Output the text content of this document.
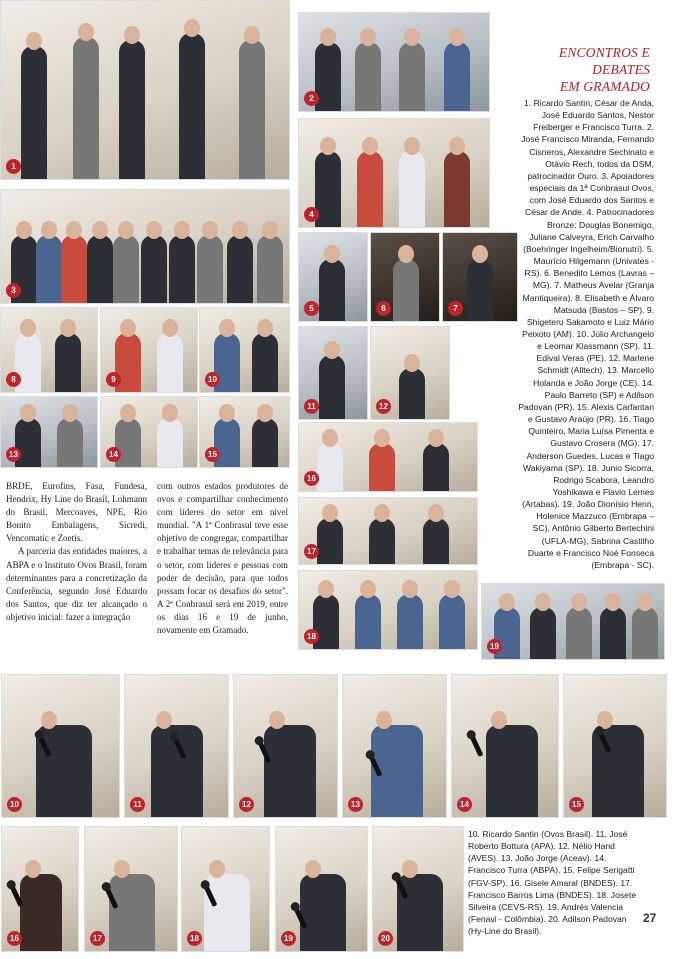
1
2
3
4
5	6	7
8	9	10
11	12
13	14	15
16
17
18
19
ENCONTROS E DEBATES
EM GRAMADO
1. Ricardo Santin, César de Anda, José Eduardo Santos, Nestor Freiberger e Francisco Turra. 2. José Francisco Miranda, Fernando Cisneros, Alexandre Sechinato e Otávio Rech, todos da DSM, patrocinador Ouro. 3. Apoiadores especiais da 1ª Conbrasul Ovos, com José Eduardo dos Santos e César de Ande. 4. Patrocinadores Bronze: Douglas Bonemigo, Juliane Calveyra, Erich Carvalho (Boehringer Ingelheim/Bionutri). 5. Maurício Hilgemann (Univates -RS). 6. Benedito Lemos (Lavras – MG). 7. Matheus Avelar (Granja Mantiqueira). 8. Elisabeth e Álvaro Matsuda (Bastos – SP). 9. Shigeteru Sakamoto e Luiz Mário Peixoto (AM). 10. Júlio Archangelo e Leomar Klassmann (SP). 11. Edival Veras (PE). 12. Marlene Schmidt (Alltech). 13. Marcello Holanda e João Jorge (CE). 14. Paulo Barreto (SP) e Adilson Padovan (PR). 15. Alexis Carfantan e Gustavo Araújo (PR). 16. Tiago Quinteiro, Maria Luísa Pimenta e Gustavo Crosera (MG). 17. Anderson Guedes, Lucas e Tiago Wakiyama (SP). 18. Junio Sicorra, Rodrigo Scabora, Leandro Yoshikawa e Flavio Lemes (Artabas). 19. João Dionísio Henn, Holenice Mazzuco (Embrapa – SC), Antônio Gilberto Bertechini (UFLA-MG), Sabrina Castilho Duarte e Francisco Noé Fonseca (Embrapa - SC).

BRDE, Eurofins, Fasa, Fundesa, Hendrix, Hy Line do Brasil, Lohmann do Brasil, Mercoaves, NPE, Rio Bonito Embalagens, Sicredi, Vencomatic e Zoetis.

A parceria das entidades maiores, a ABPA e o Instituto Ovos Brasil, foram determinantes para a concretização da Conferência, segundo José Eduardo dos Santos, que diz ter alcançado o objetivo inicial: fazer a integração

com outros estados produtores de ovos e compartilhar conhecimento com líderes do setor em nível mundial. "A 1ª Conbrasul teve esse objetivo de congregar, compartilhar e trabalhar temas de relevância para o setor, com líderes e pessoas com poder de decisão, para que todos possam focar os desafios do setor". A 2ª Conbrasul será em 2019, entre os dias 16 e 19 de junho, novamente em Gramado.

10	11	12	13	14	15
16	17	18	19	20
10. Ricardo Santin (Ovos Brasil). 11. José Roberto Bottura (APA). 12. Nélio Hand (AVES). 13. João Jorge (Aceav). 14. Francisco Turra (ABPA). 15. Felipe Serigatti (FGV-SP). 16. Gisele Amaral (BNDES). 17. Francisco Barros Lima (BNDES). 18. Josete Silveira (CEVS-RS). 19. Andrés Valencia (Fenavi - Colômbia). 20. Adilson Padovan (Hy-Line do Brasil).
27
